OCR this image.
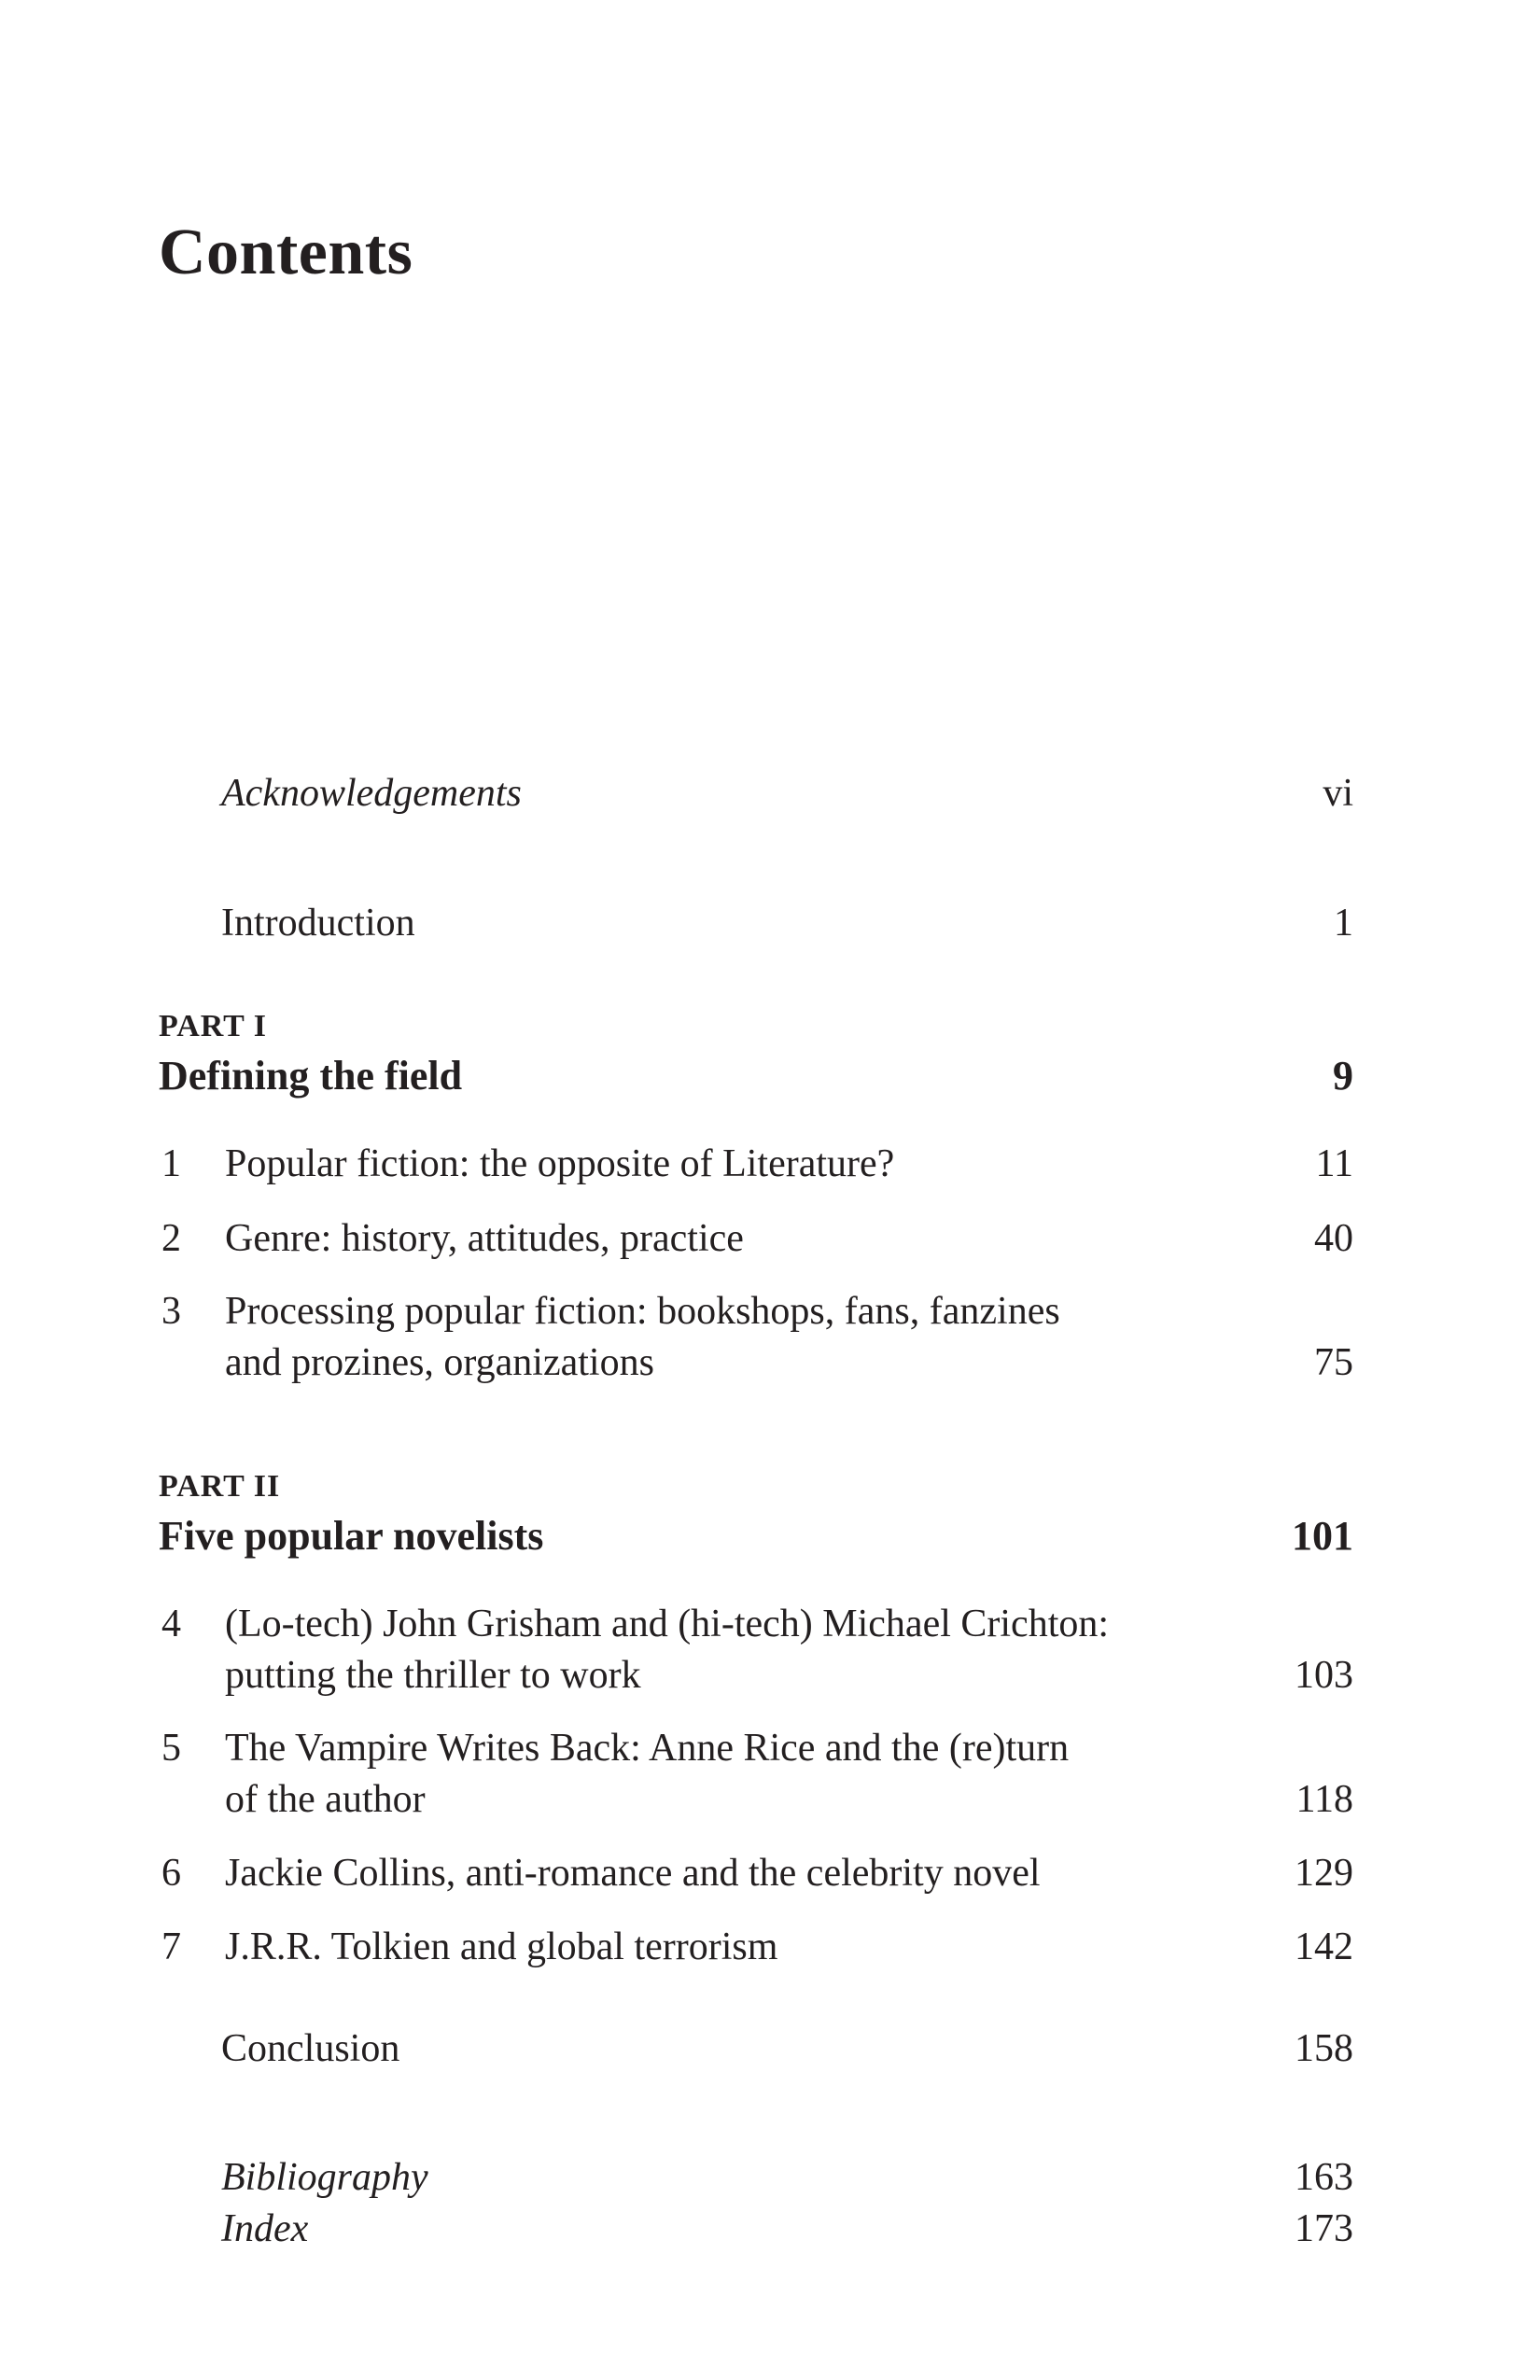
Contents
Acknowledgements	vi
Introduction	1
PART I
Defining the field	9
1 Popular fiction: the opposite of Literature?	11
2 Genre: history, attitudes, practice	40
3 Processing popular fiction: bookshops, fans, fanzines
and prozines, organizations	75
PART II
Five popular novelists	101
4 (Lo-tech) John Grisham and (hi-tech) Michael Crichton:
putting the thriller to work	103
5 The Vampire Writes Back: Anne Rice and the (re)turn
of the author	118
6 Jackie Collins, anti-romance and the celebrity novel	129
7 J.R.R. Tolkien and global terrorism	142
Conclusion	158
Bibliography	163
Index	173
